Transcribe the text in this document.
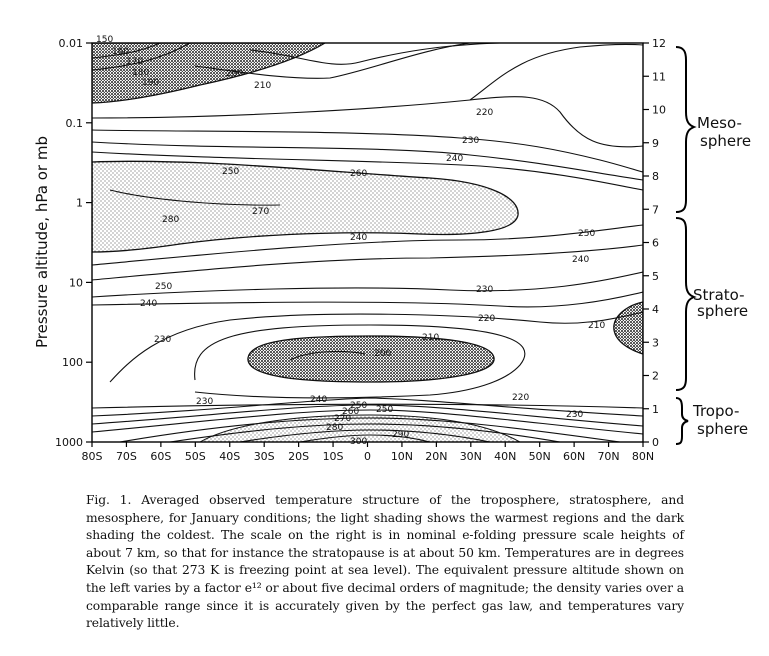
150
160
170
180
190
200
210
220
230
240
250	260
270
280
240	250
240
230
220
230
240
250
210
200
210
220
230	240
250
260
270
280
290
300
250	230
Pressure altitude, hPa or mb
0.01
0.1
1
10
100
1000	0
1
2
3
4
5
6
7
8
9
10
11
12
80S 70S 60S 50S 40S 30S 20S 10S 0 10N 20N 30N 40N 50N 60N 70N 80N
Meso-
sphere
Strato-
sphere
Tropo-
sphere

Fig. 1. Averaged observed temperature structure of the troposphere, stratosphere, and mesosphere, for January conditions; the light shading shows the warmest regions and the dark shading the coldest. The scale on the right is in nominal e-folding pressure scale heights of about 7 km, so that for instance the stratopause is at about 50 km. Temperatures are in degrees Kelvin (so that 273 K is freezing point at sea level). The equivalent pressure altitude shown on the left varies by a factor e¹² or about five decimal orders of magnitude; the density varies over a comparable range since it is accurately given by the perfect gas law, and temperatures vary relatively little.
